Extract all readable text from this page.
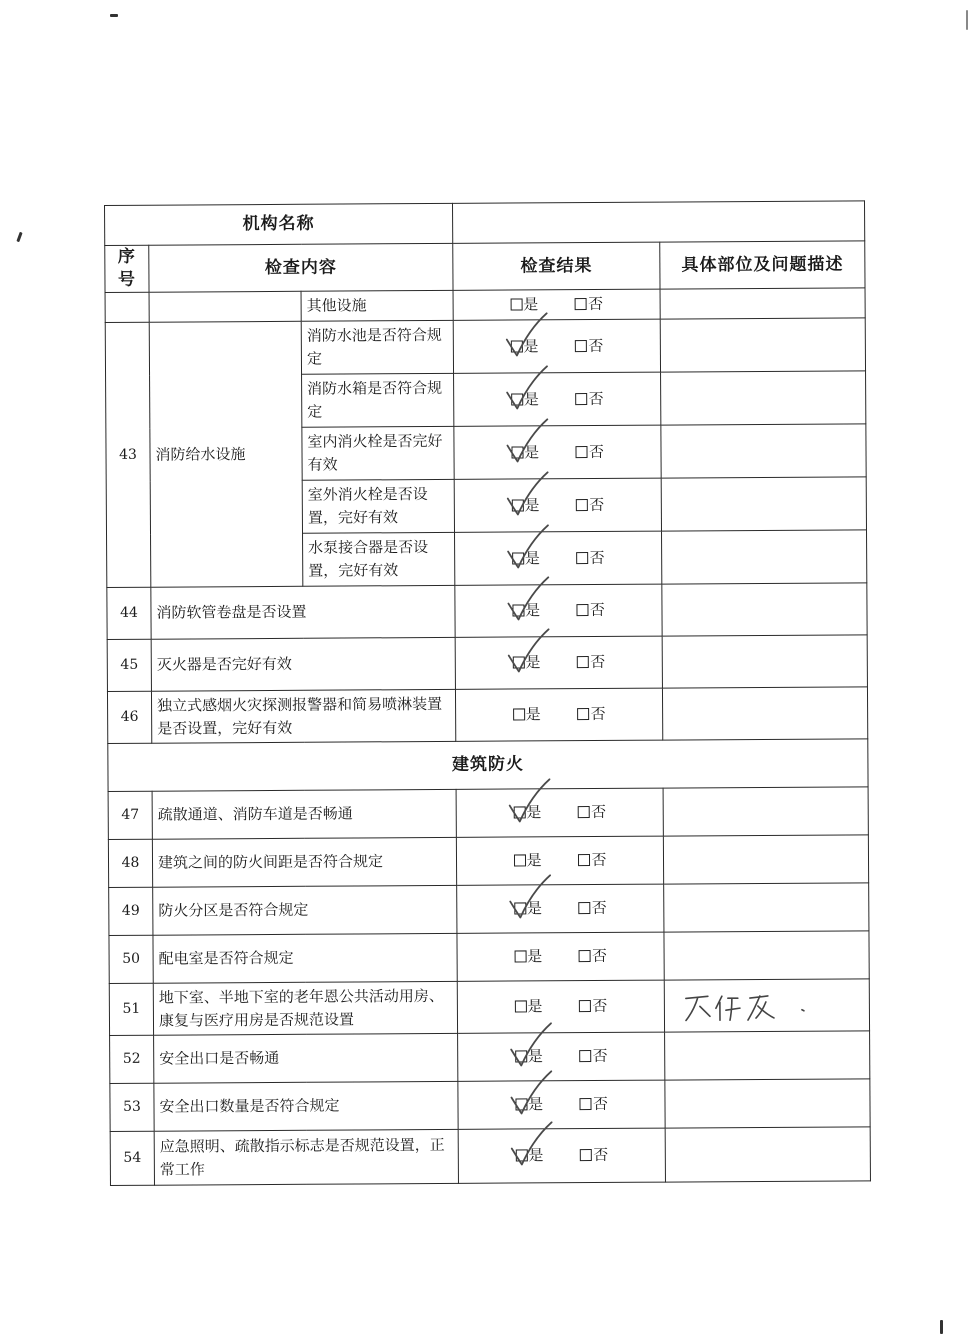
机构名称				
序号	检查内容		检查结果	具体部位及问题描述
		其他设施	是 否	
43	消防给水设施	消防水池是否符合规定	是 否	
		消防水箱是否符合规定	是 否	
		室内消火栓是否完好有效	是 否	
		室外消火栓是否设置，完好有效	是 否	
		水泵接合器是否设置，完好有效	是 否	
44	消防软管卷盘是否设置		是 否	
45	灭火器是否完好有效		是 否	
46	独立式感烟火灾探测报警器和简易喷淋装置是否设置，完好有效		是 否	
建筑防火				
47	疏散通道、消防车道是否畅通		是 否	
48	建筑之间的防火间距是否符合规定		是 否	
49	防火分区是否符合规定		是 否	
50	配电室是否符合规定		是 否	
51	地下室、半地下室的老年恩公共活动用房、康复与医疗用房是否规范设置		是 否	

52	安全出口是否畅通		是 否	
53	安全出口数量是否符合规定		是 否	
54	应急照明、疏散指示标志是否规范设置，正常工作		是 否	
